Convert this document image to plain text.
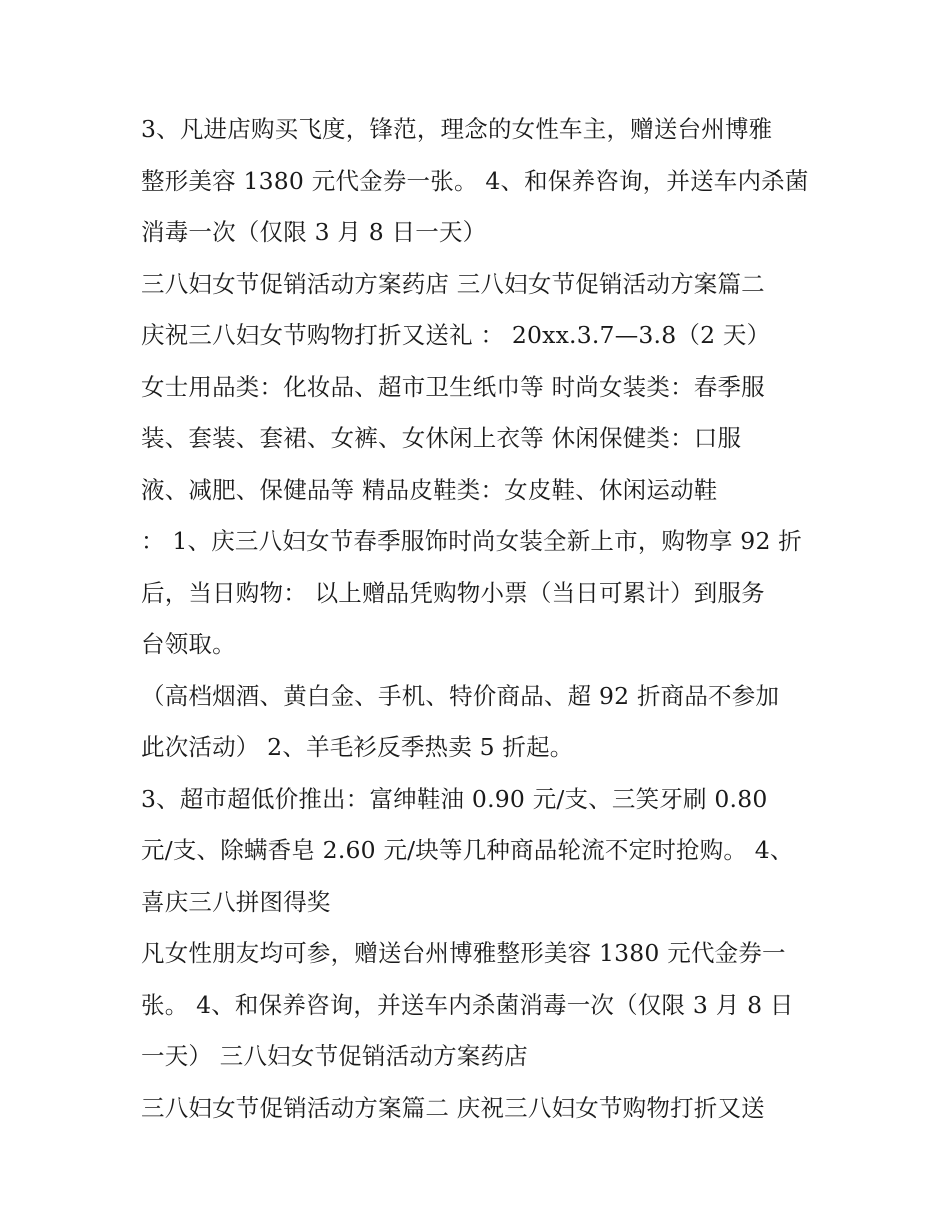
3、凡进店购买飞度，锋范，理念的女性车主，赠送台州博雅
整形美容 1380 元代金券一张。 4、和保养咨询，并送车内杀菌
消毒一次（仅限 3 月 8 日一天）
三八妇女节促销活动方案药店 三八妇女节促销活动方案篇二
庆祝三八妇女节购物打折又送礼 ： 20xx.3.7—3.8（2 天）
女士用品类：化妆品、超市卫生纸巾等 时尚女装类：春季服
装、套装、套裙、女裤、女休闲上衣等 休闲保健类：口服
液、减肥、保健品等 精品皮鞋类：女皮鞋、休闲运动鞋
： 1、庆三八妇女节春季服饰时尚女装全新上市，购物享 92 折
后，当日购物： 以上赠品凭购物小票（当日可累计）到服务
台领取。
（高档烟酒、黄白金、手机、特价商品、超 92 折商品不参加
此次活动） 2、羊毛衫反季热卖 5 折起。
3、超市超低价推出：富绅鞋油 0.90 元/支、三笑牙刷 0.80
元/支、除螨香皂 2.60 元/块等几种商品轮流不定时抢购。 4、
喜庆三八拼图得奖
凡女性朋友均可参，赠送台州博雅整形美容 1380 元代金券一
张。 4、和保养咨询，并送车内杀菌消毒一次（仅限 3 月 8 日
一天） 三八妇女节促销活动方案药店
三八妇女节促销活动方案篇二 庆祝三八妇女节购物打折又送
